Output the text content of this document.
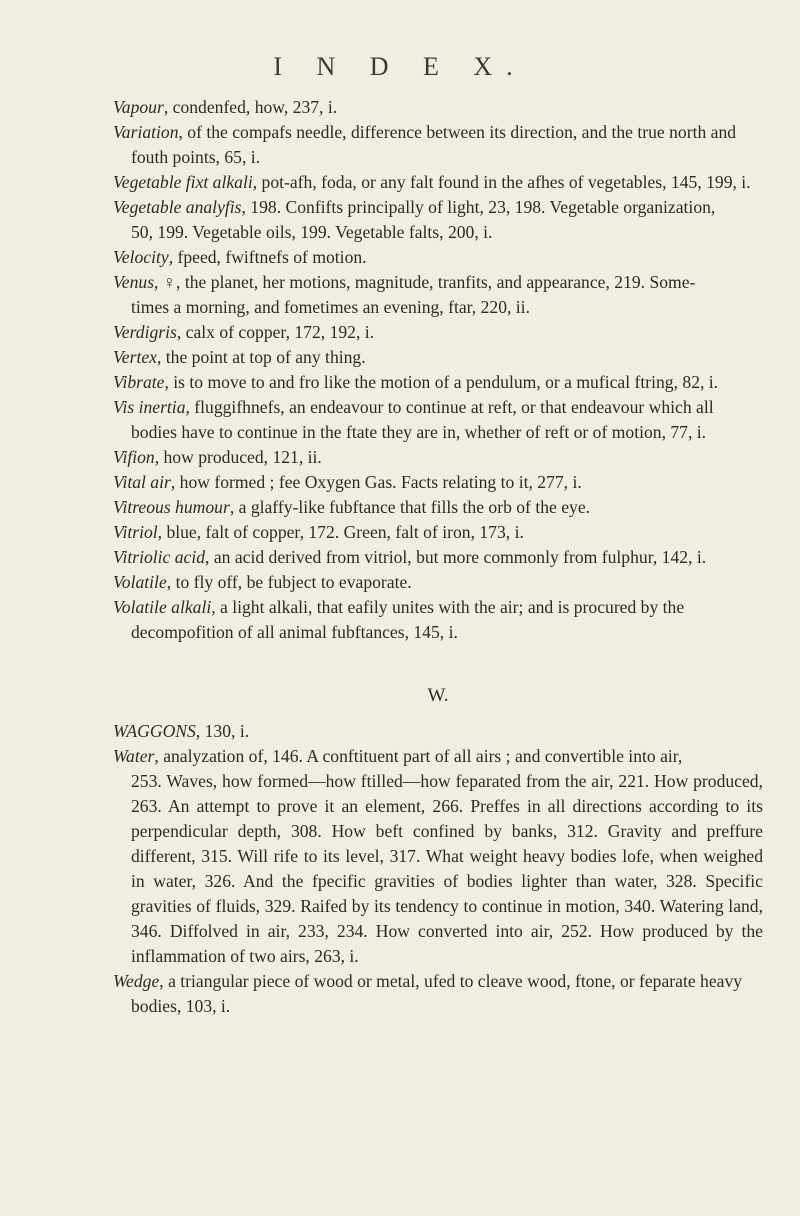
I N D E X.

Vapour, condenfed, how, 237, i.

Variation, of the compafs needle, difference between its direction, and the true north and
fouth points, 65, i.

Vegetable fixt alkali, pot-afh, foda, or any falt found in the afhes of vegetables, 145, 199, i.

Vegetable analyfis, 198. Confifts principally of light, 23, 198. Vegetable organization,
50, 199. Vegetable oils, 199. Vegetable falts, 200, i.

Velocity, fpeed, fwiftnefs of motion.

Venus, ♀, the planet, her motions, magnitude, tranfits, and appearance, 219. Some-
times a morning, and fometimes an evening, ftar, 220, ii.

Verdigris, calx of copper, 172, 192, i.

Vertex, the point at top of any thing.

Vibrate, is to move to and fro like the motion of a pendulum, or a mufical ftring, 82, i.

Vis inertia, fluggifhnefs, an endeavour to continue at reft, or that endeavour which all
bodies have to continue in the ftate they are in, whether of reft or of motion, 77, i.

Vifion, how produced, 121, ii.

Vital air, how formed ; fee Oxygen Gas. Facts relating to it, 277, i.

Vitreous humour, a glaffy-like fubftance that fills the orb of the eye.

Vitriol, blue, falt of copper, 172. Green, falt of iron, 173, i.

Vitriolic acid, an acid derived from vitriol, but more commonly from fulphur, 142, i.

Volatile, to fly off, be fubject to evaporate.

Volatile alkali, a light alkali, that eafily unites with the air; and is procured by the
decompofition of all animal fubftances, 145, i.

W.

WAGGONS, 130, i.

Water, analyzation of, 146. A conftituent part of all airs ; and convertible into air,
253. Waves, how formed—how ftilled—how feparated from the air, 221. How produced, 263. An attempt to prove it an element, 266. Preffes in all directions according to its perpendicular depth, 308. How beft confined by banks, 312. Gravity and preffure different, 315. Will rife to its level, 317. What weight heavy bodies lofe, when weighed in water, 326. And the fpecific gravities of bodies lighter than water, 328. Specific gravities of fluids, 329. Raifed by its tendency to continue in motion, 340. Watering land, 346. Diffolved in air, 233, 234. How converted into air, 252. How produced by the inflammation of two airs, 263, i.

Wedge, a triangular piece of wood or metal, ufed to cleave wood, ftone, or feparate heavy
bodies, 103, i.
